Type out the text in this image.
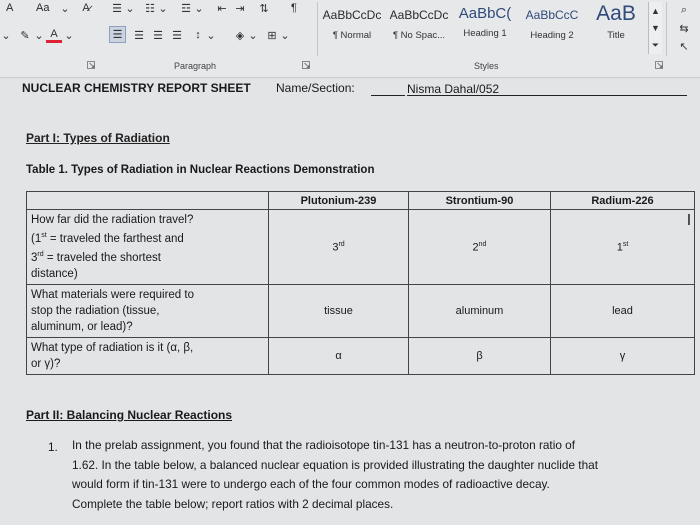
A Aa ⌄	A̷	☰ ⌄ ☷ ⌄ ☲ ⌄	⇤ ⇥	⇅	¶
⌄ ✎ ⌄ A ⌄	☰	☰ ☰ ☰	↕ ⌄	◈ ⌄ ⊞ ⌄
AaBbCcDc
¶ Normal
AaBbCcDc
¶ No Spac...
AaBbC(
Heading 1
AaBbCcC
Heading 2
AaB
Title
▲
▼
⏷
⌕
⇆
↖
↘	Paragraph	↘	Styles	↘
NUCLEAR CHEMISTRY REPORT SHEET Name/Section:	Nisma Dahal/052
Part I: Types of Radiation
Table 1. Types of Radiation in Nuclear Reactions Demonstration
	Plutonium-239	Strontium-90	Radium-226

How far did the radiation travel?
(1st = traveled the farthest and
3rd = traveled the shortest
distance)	3rd	2nd	1st

What materials were required to
stop the radiation (tissue,
aluminum, or lead)?	tissue	aluminum	lead

What type of radiation is it (α, β,
or γ)?	α	β	γ
I
Part II: Balancing Nuclear Reactions
1. In the prelab assignment, you found that the radioisotope tin-131 has a neutron-to-proton ratio of
1.62. In the table below, a balanced nuclear equation is provided illustrating the daughter nuclide that
would form if tin-131 were to undergo each of the four common modes of radioactive decay.
Complete the table below; report ratios with 2 decimal places.
